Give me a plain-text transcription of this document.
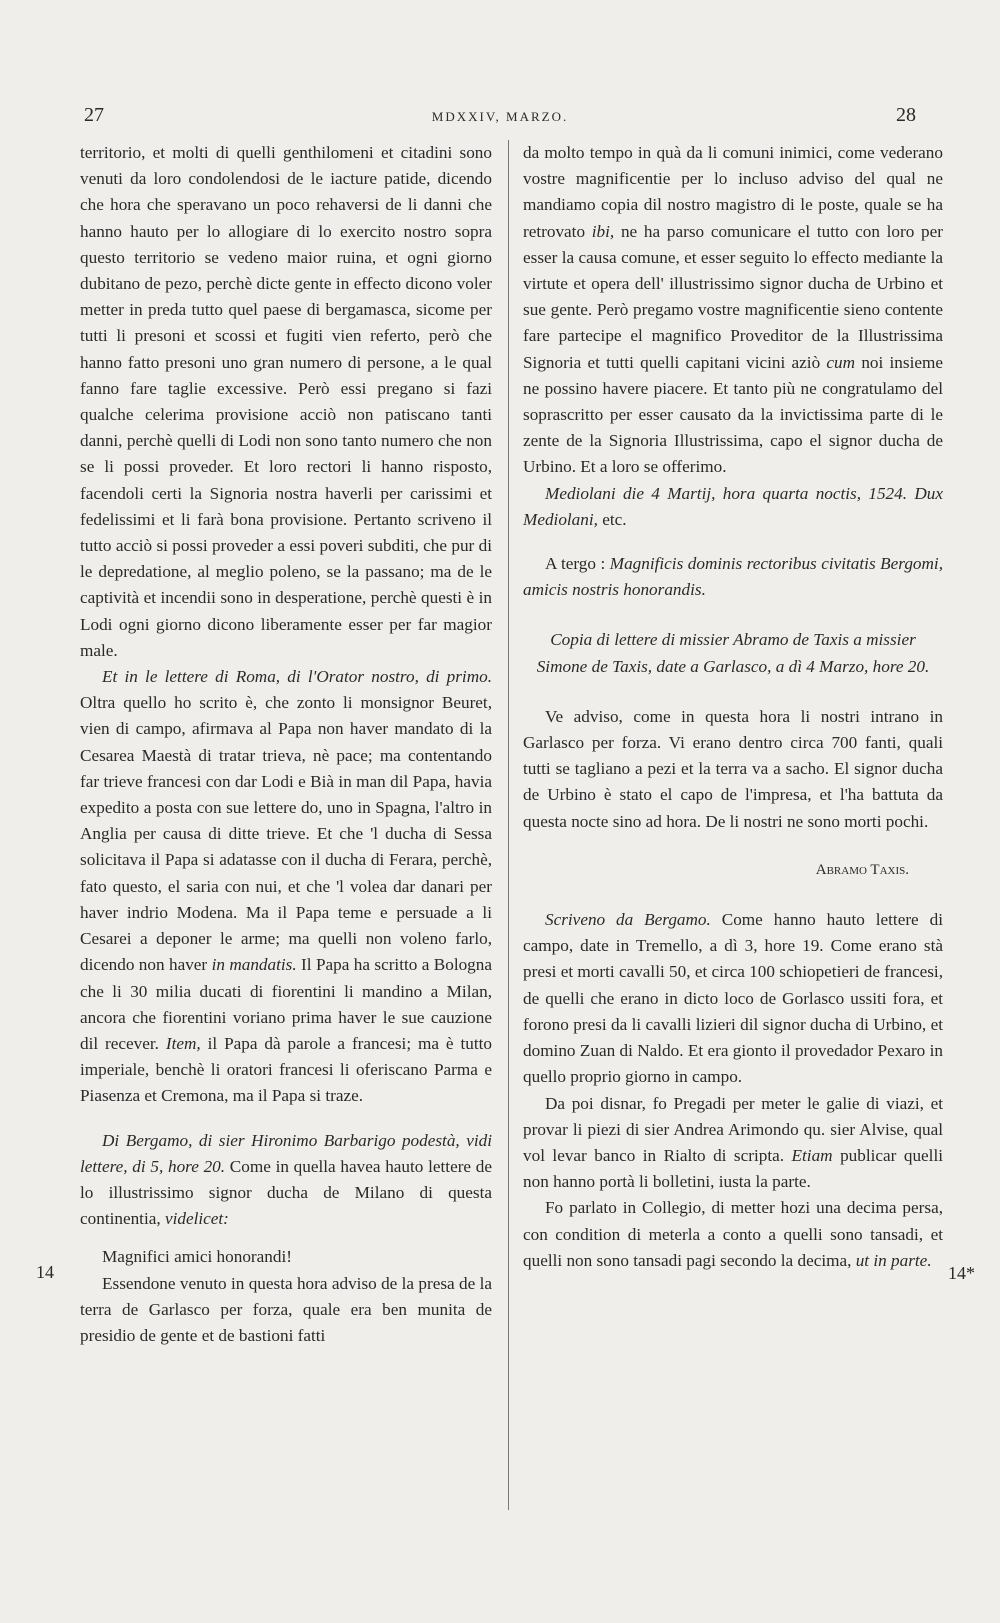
27	MDXXIV, MARZO.	28
14	14*

territorio, et molti di quelli genthilomeni et citadini sono venuti da loro condolendosi de le iacture patide, dicendo che hora che speravano un poco rehaversi de li danni che hanno hauto per lo allogiare di lo exercito nostro sopra questo territorio se vedeno maior ruina, et ogni giorno dubitano de pezo, perchè dicte gente in effecto dicono voler metter in preda tutto quel paese di bergamasca, sicome per tutti li presoni et scossi et fugiti vien referto, però che hanno fatto presoni uno gran numero di persone, a le qual fanno fare taglie excessive. Però essi pregano si fazi qualche celerima provisione acciò non patiscano tanti danni, perchè quelli di Lodi non sono tanto numero che non se li possi proveder. Et loro rectori li hanno risposto, facendoli certi la Signoria nostra haverli per carissimi et fedelissimi et li farà bona provisione. Pertanto scriveno il tutto acciò si possi proveder a essi poveri subditi, che pur di le depredatione, al meglio poleno, se la passano; ma de le captività et incendii sono in desperatione, perchè questi è in Lodi ogni giorno dicono liberamente esser per far magior male.

Et in le lettere di Roma, di l'Orator nostro, di primo. Oltra quello ho scrito è, che zonto li monsignor Beuret, vien di campo, afirmava al Papa non haver mandato di la Cesarea Maestà di tratar trieva, nè pace; ma contentando far trieve francesi con dar Lodi e Bià in man dil Papa, havia expedito a posta con sue lettere do, uno in Spagna, l'altro in Anglia per causa di ditte trieve. Et che 'l ducha di Sessa solicitava il Papa si adatasse con il ducha di Ferara, perchè, fato questo, el saria con nui, et che 'l volea dar danari per haver indrio Modena. Ma il Papa teme e persuade a li Cesarei a deponer le arme; ma quelli non voleno farlo, dicendo non haver in mandatis. Il Papa ha scritto a Bologna che li 30 milia ducati di fiorentini li mandino a Milan, ancora che fiorentini voriano prima haver le sue cauzione dil recever. Item, il Papa dà parole a francesi; ma è tutto imperiale, benchè li oratori francesi li oferiscano Parma e Piasenza et Cremona, ma il Papa si traze.

Di Bergamo, di sier Hironimo Barbarigo podestà, vidi lettere, di 5, hore 20. Come in quella havea hauto lettere de lo illustrissimo signor ducha de Milano di questa continentia, videlicet:

Magnifici amici honorandi!

Essendone venuto in questa hora adviso de la presa de la terra de Garlasco per forza, quale era ben munita de presidio de gente et de bastioni fatti

da molto tempo in quà da li comuni inimici, come vederano vostre magnificentie per lo incluso adviso del qual ne mandiamo copia dil nostro magistro di le poste, quale se ha retrovato ibi, ne ha parso comunicare el tutto con loro per esser la causa comune, et esser seguito lo effecto mediante la virtute et opera dell' illustrissimo signor ducha de Urbino et sue gente. Però pregamo vostre magnificentie sieno contente fare partecipe el magnifico Proveditor de la Illustrissima Signoria et tutti quelli capitani vicini aziò cum noi insieme ne possino havere piacere. Et tanto più ne congratulamo del soprascritto per esser causato da la invictissima parte di le zente de la Signoria Illustrissima, capo el signor ducha de Urbino. Et a loro se offerimo.

Mediolani die 4 Martij, hora quarta noctis, 1524. Dux Mediolani, etc.

A tergo : Magnificis dominis rectoribus civitatis Bergomi, amicis nostris honorandis.

Copia di lettere di missier Abramo de Taxis a missier Simone de Taxis, date a Garlasco, a dì 4 Marzo, hore 20.

Ve adviso, come in questa hora li nostri intrano in Garlasco per forza. Vi erano dentro circa 700 fanti, quali tutti se tagliano a pezi et la terra va a sacho. El signor ducha de Urbino è stato el capo de l'impresa, et l'ha battuta da questa nocte sino ad hora. De li nostri ne sono morti pochi.

Abramo Taxis.

Scriveno da Bergamo. Come hanno hauto lettere di campo, date in Tremello, a dì 3, hore 19. Come erano stà presi et morti cavalli 50, et circa 100 schiopetieri de francesi, de quelli che erano in dicto loco de Gorlasco ussiti fora, et forono presi da li cavalli lizieri dil signor ducha di Urbino, et domino Zuan di Naldo. Et era gionto il provedador Pexaro in quello proprio giorno in campo.

Da poi disnar, fo Pregadi per meter le galie di viazi, et provar li piezi di sier Andrea Arimondo qu. sier Alvise, qual vol levar banco in Rialto di scripta. Etiam publicar quelli non hanno portà li bolletini, iusta la parte.

Fo parlato in Collegio, di metter hozi una decima persa, con condition di meterla a conto a quelli sono tansadi, et quelli non sono tansadi pagi secondo la decima, ut in parte.
